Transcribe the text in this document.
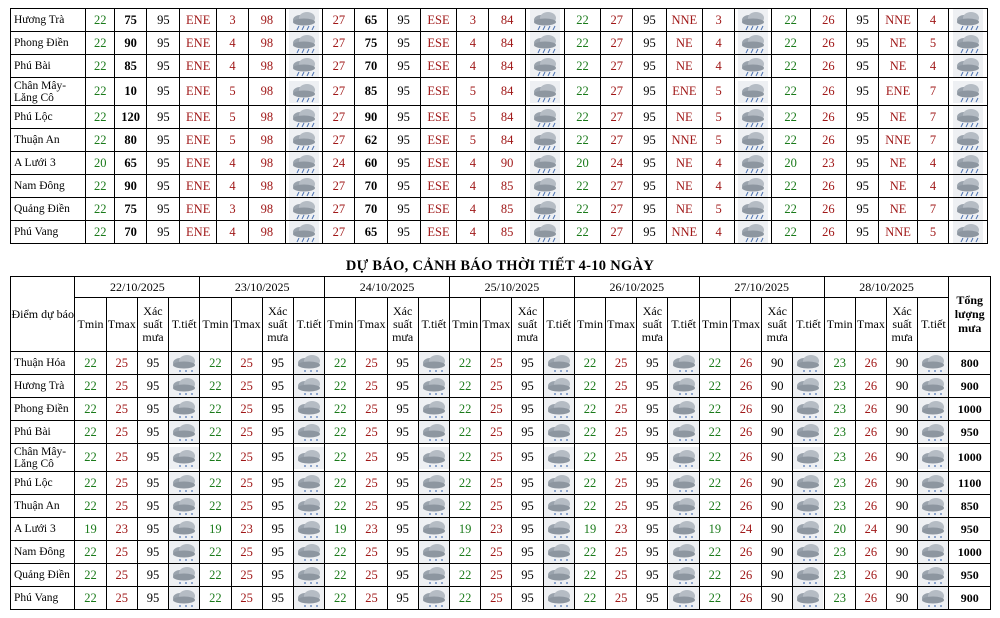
Hương Trà	22	75	95	ENE	3	98		27	65	95	ESE	3	84		22	27	95	NNE	3		22	26	95	NNE	4	

Phong Điền	22	90	95	ENE	4	98		27	75	95	ESE	4	84		22	27	95	NE	4		22	26	95	NE	5	

Phú Bài	22	85	95	ENE	4	98		27	70	95	ESE	4	84		22	27	95	NE	4		22	26	95	NE	4	

Chân Mây-Lăng Cô	22	10	95	ENE	5	98		27	85	95	ESE	5	84		22	27	95	ENE	5		22	26	95	ENE	7	

Phú Lộc	22	120	95	ENE	5	98		27	90	95	ESE	5	84		22	27	95	NE	5		22	26	95	NE	7	

Thuận An	22	80	95	ENE	5	98		27	62	95	ESE	5	84		22	27	95	NNE	5		22	26	95	NNE	7	

A Lưới 3	20	65	95	ENE	4	98		24	60	95	ESE	4	90		20	24	95	NE	4		20	23	95	NE	4	

Nam Đông	22	90	95	ENE	4	98		27	70	95	ESE	4	85		22	27	95	NE	4		22	26	95	NE	4	

Quảng Điền	22	75	95	ENE	3	98		27	70	95	ESE	4	85		22	27	95	NE	5		22	26	95	NE	7	

Phú Vang	22	70	95	ENE	4	98		27	65	95	ESE	4	85		22	27	95	NNE	4		22	26	95	NNE	5	
DỰ BÁO, CẢNH BÁO THỜI TIẾT 4-10 NGÀY
Điểm dự báo	22/10/2025				23/10/2025				24/10/2025				25/10/2025				26/10/2025				27/10/2025				28/10/2025				Tổng lượng mưa
	Tmin	Tmax	Xác suất mưa	T.tiết	Tmin	Tmax	Xác suất mưa	T.tiết	Tmin	Tmax	Xác suất mưa	T.tiết	Tmin	Tmax	Xác suất mưa	T.tiết	Tmin	Tmax	Xác suất mưa	T.tiết	Tmin	Tmax	Xác suất mưa	T.tiết	Tmin	Tmax	Xác suất mưa	T.tiết	
Thuận Hóa	22	25	95		22	25	95		22	25	95		22	25	95		22	25	95		22	26	90		23	26	90		800
Hương Trà	22	25	95		22	25	95		22	25	95		22	25	95		22	25	95		22	26	90		23	26	90		900
Phong Điền	22	25	95		22	25	95		22	25	95		22	25	95		22	25	95		22	26	90		23	26	90		1000
Phú Bài	22	25	95		22	25	95		22	25	95		22	25	95		22	25	95		22	26	90		23	26	90		950
Chân Mây-Lăng Cô	22	25	95		22	25	95		22	25	95		22	25	95		22	25	95		22	26	90		23	26	90		1000
Phú Lộc	22	25	95		22	25	95		22	25	95		22	25	95		22	25	95		22	26	90		23	26	90		1100
Thuận An	22	25	95		22	25	95		22	25	95		22	25	95		22	25	95		22	26	90		23	26	90		850
A Lưới 3	19	23	95		19	23	95		19	23	95		19	23	95		19	23	95		19	24	90		20	24	90		950
Nam Đông	22	25	95		22	25	95		22	25	95		22	25	95		22	25	95		22	26	90		23	26	90		1000
Quảng Điền	22	25	95		22	25	95		22	25	95		22	25	95		22	25	95		22	26	90		23	26	90		950
Phú Vang	22	25	95		22	25	95		22	25	95		22	25	95		22	25	95		22	26	90		23	26	90		900
